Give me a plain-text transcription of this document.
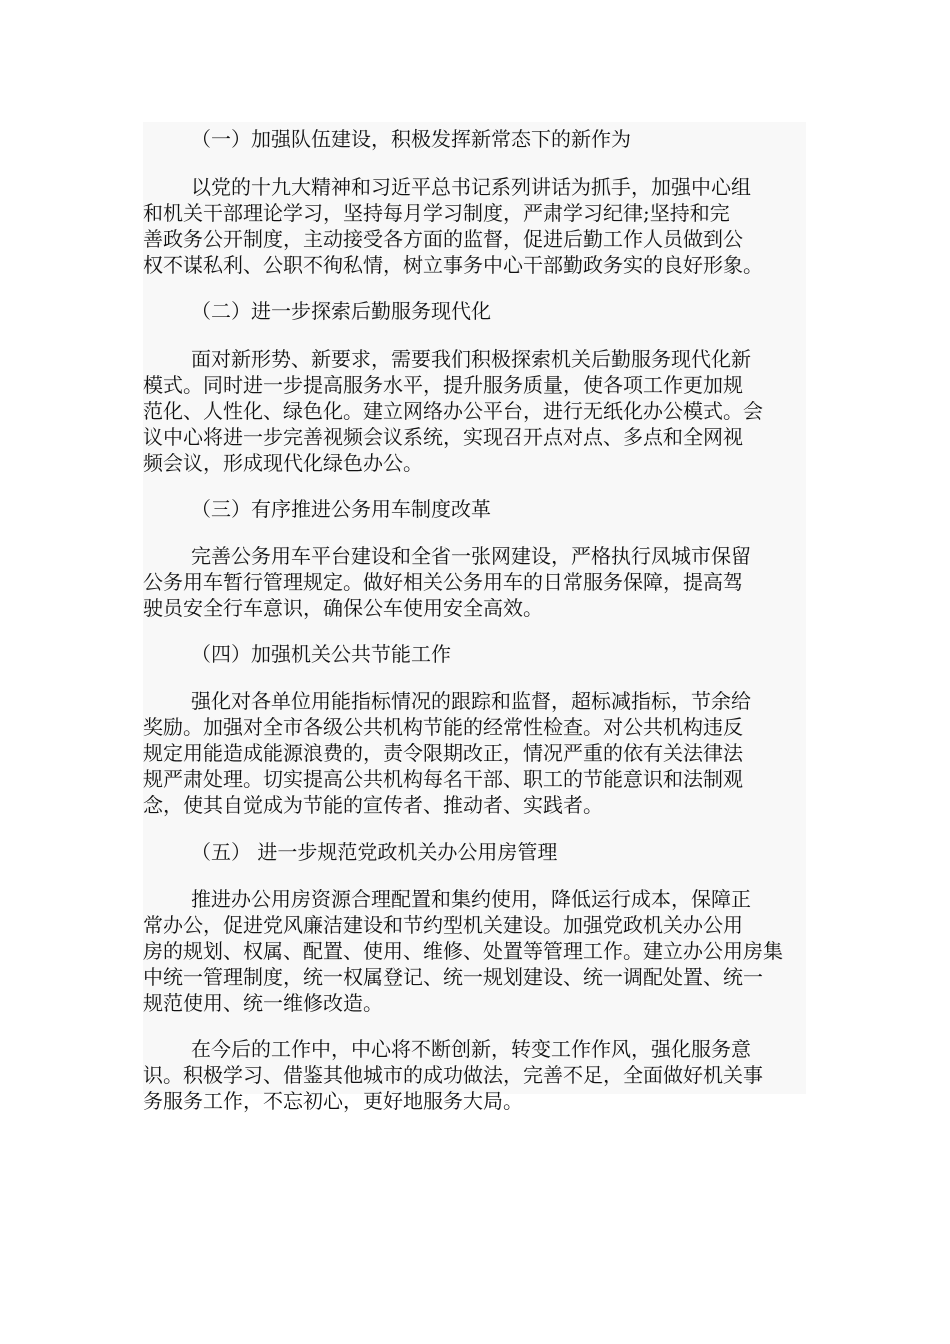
（一）加强队伍建设，积极发挥新常态下的新作为
以党的十九大精神和习近平总书记系列讲话为抓手，加强中心组
和机关干部理论学习，坚持每月学习制度，严肃学习纪律;坚持和完
善政务公开制度，主动接受各方面的监督，促进后勤工作人员做到公
权不谋私利、公职不徇私情，树立事务中心干部勤政务实的良好形象。
（二）进一步探索后勤服务现代化
面对新形势、新要求，需要我们积极探索机关后勤服务现代化新
模式。同时进一步提高服务水平，提升服务质量，使各项工作更加规
范化、人性化、绿色化。建立网络办公平台，进行无纸化办公模式。会
议中心将进一步完善视频会议系统，实现召开点对点、多点和全网视
频会议，形成现代化绿色办公。
（三）有序推进公务用车制度改革
完善公务用车平台建设和全省一张网建设，严格执行凤城市保留
公务用车暂行管理规定。做好相关公务用车的日常服务保障，提高驾
驶员安全行车意识，确保公车使用安全高效。
（四）加强机关公共节能工作
强化对各单位用能指标情况的跟踪和监督，超标减指标，节余给
奖励。加强对全市各级公共机构节能的经常性检查。对公共机构违反
规定用能造成能源浪费的，责令限期改正，情况严重的依有关法律法
规严肃处理。切实提高公共机构每名干部、职工的节能意识和法制观
念，使其自觉成为节能的宣传者、推动者、实践者。
（五） 进一步规范党政机关办公用房管理
推进办公用房资源合理配置和集约使用，降低运行成本，保障正
常办公，促进党风廉洁建设和节约型机关建设。加强党政机关办公用
房的规划、权属、配置、使用、维修、处置等管理工作。建立办公用房集
中统一管理制度，统一权属登记、统一规划建设、统一调配处置、统一
规范使用、统一维修改造。
在今后的工作中，中心将不断创新，转变工作作风，强化服务意
识。积极学习、借鉴其他城市的成功做法，完善不足，全面做好机关事
务服务工作，不忘初心，更好地服务大局。
